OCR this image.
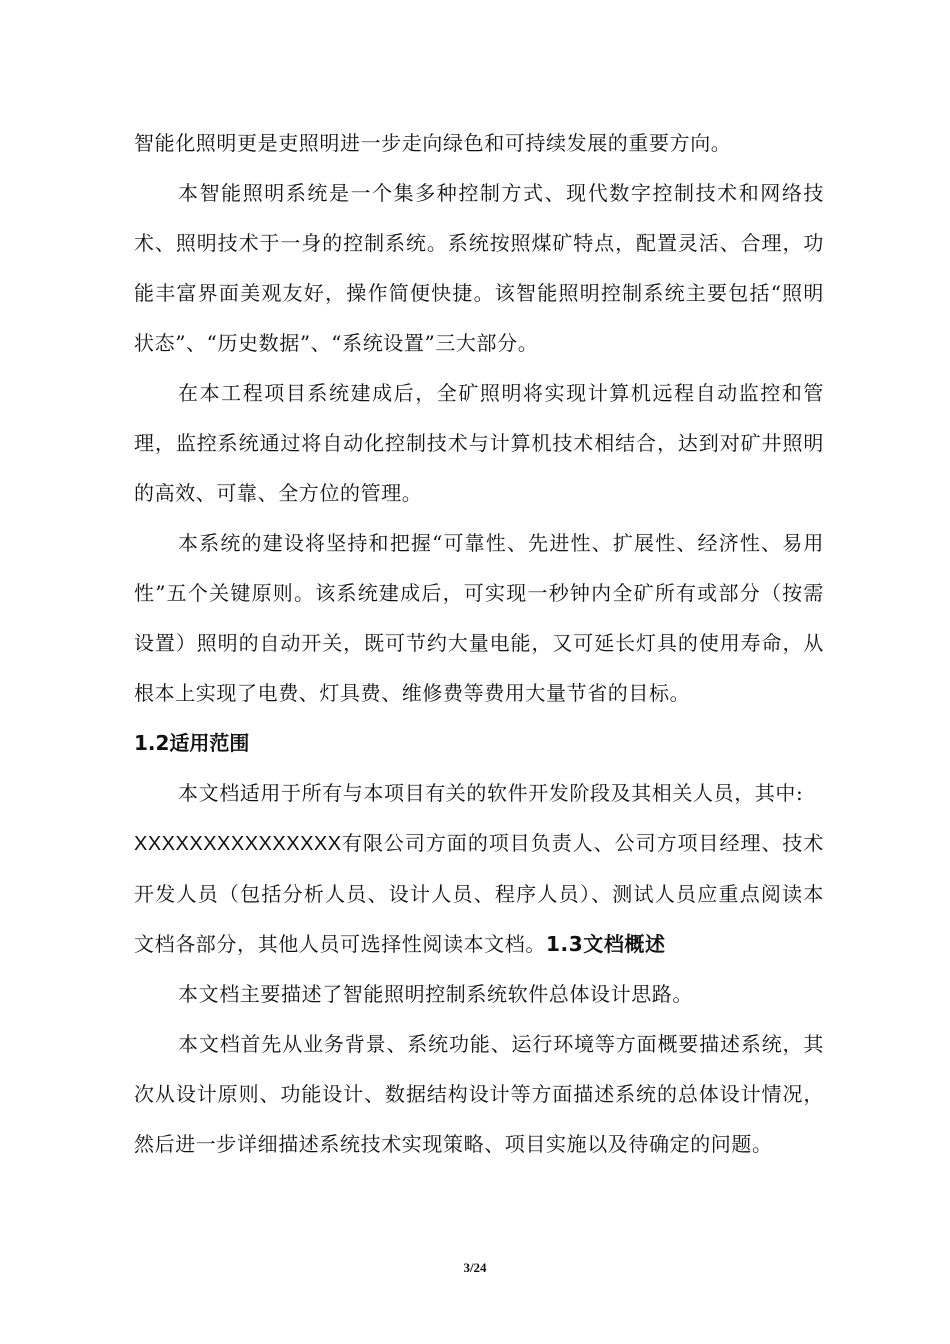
智能化照明更是吏照明进一步走向绿色和可持续发展的重要方向。

本智能照明系统是一个集多种控制方式、现代数字控制技术和网络技术、照明技术于一身的控制系统。系统按照煤矿特点，配置灵活、合理，功能丰富界面美观友好，操作简便快捷。该智能照明控制系统主要包括“照明状态”、“历史数据”、“系统设置”三大部分。

在本工程项目系统建成后，全矿照明将实现计算机远程自动监控和管理，监控系统通过将自动化控制技术与计算机技术相结合，达到对矿井照明的高效、可靠、全方位的管理。

本系统的建设将坚持和把握“可靠性、先进性、扩展性、经济性、易用性”五个关键原则。该系统建成后，可实现一秒钟内全矿所有或部分（按需设置）照明的自动开关，既可节约大量电能，又可延长灯具的使用寿命，从根本上实现了电费、灯具费、维修费等费用大量节省的目标。

1.2适用范围

本文档适用于所有与本项目有关的软件开发阶段及其相关人员，其中:

XXXXXXXXXXXXXXX有限公司方面的项目负责人、公司方项目经理、技术开发人员（包括分析人员、设计人员、程序人员）、测试人员应重点阅读本文档各部分，其他人员可选择性阅读本文档。1.3文档概述

本文档主要描述了智能照明控制系统软件总体设计思路。

本文档首先从业务背景、系统功能、运行环境等方面概要描述系统，其次从设计原则、功能设计、数据结构设计等方面描述系统的总体设计情况，然后进一步详细描述系统技术实现策略、项目实施以及待确定的问题。

3/24
